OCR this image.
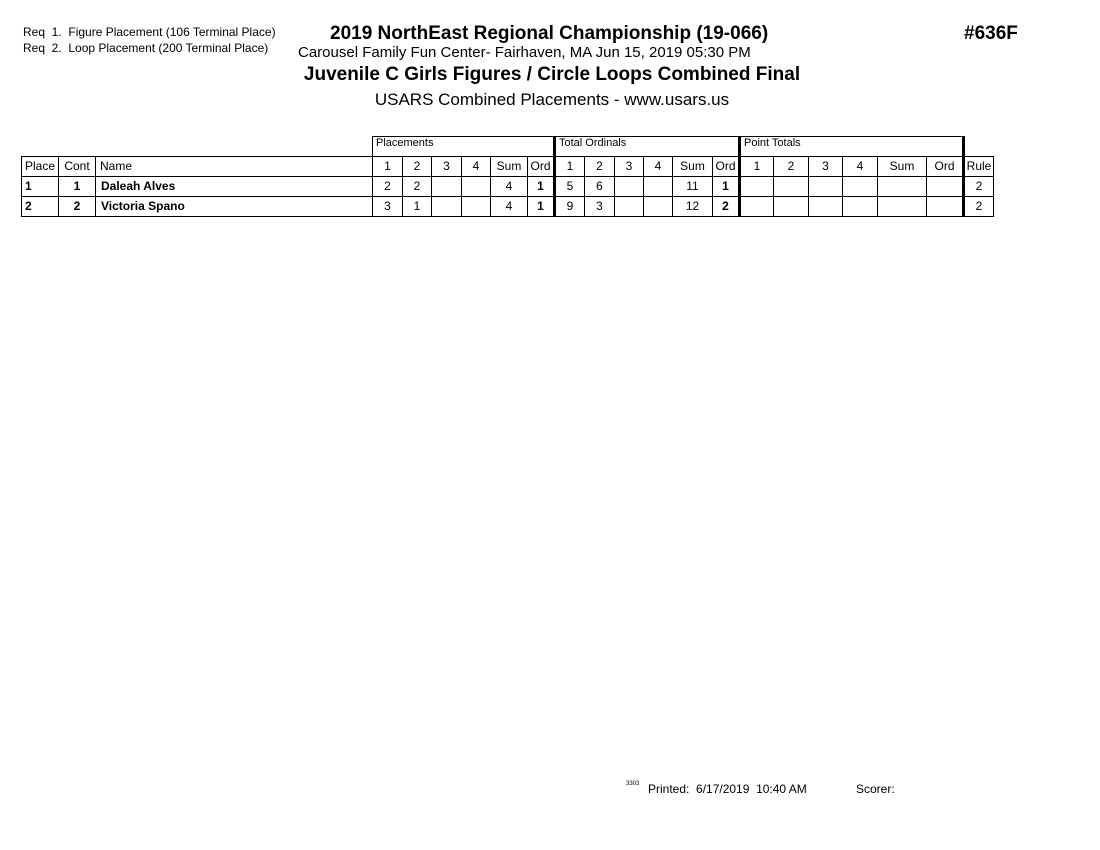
Req  1.  Figure Placement (106 Terminal Place)
Req  2.  Loop Placement (200 Terminal Place)
2019 NorthEast Regional Championship (19-066)	#636F
Carousel Family Fun Center- Fairhaven, MA Jun 15, 2019 05:30 PM
Juvenile C Girls Figures / Circle Loops Combined Final
USARS Combined Placements - www.usars.us
			Placements						Total Ordinals						Point Totals						
Place	Cont	Name	1	2	3	4	Sum	Ord	1	2	3	4	Sum	Ord	1	2	3	4	Sum	Ord	Rule
1	1	Daleah Alves	2	2			4	1	5	6			11	1							2
2	2	Victoria Spano	3	1			4	1	9	3			12	2							2
3303 Printed:  6/17/2019  10:40 AM	Scorer:
